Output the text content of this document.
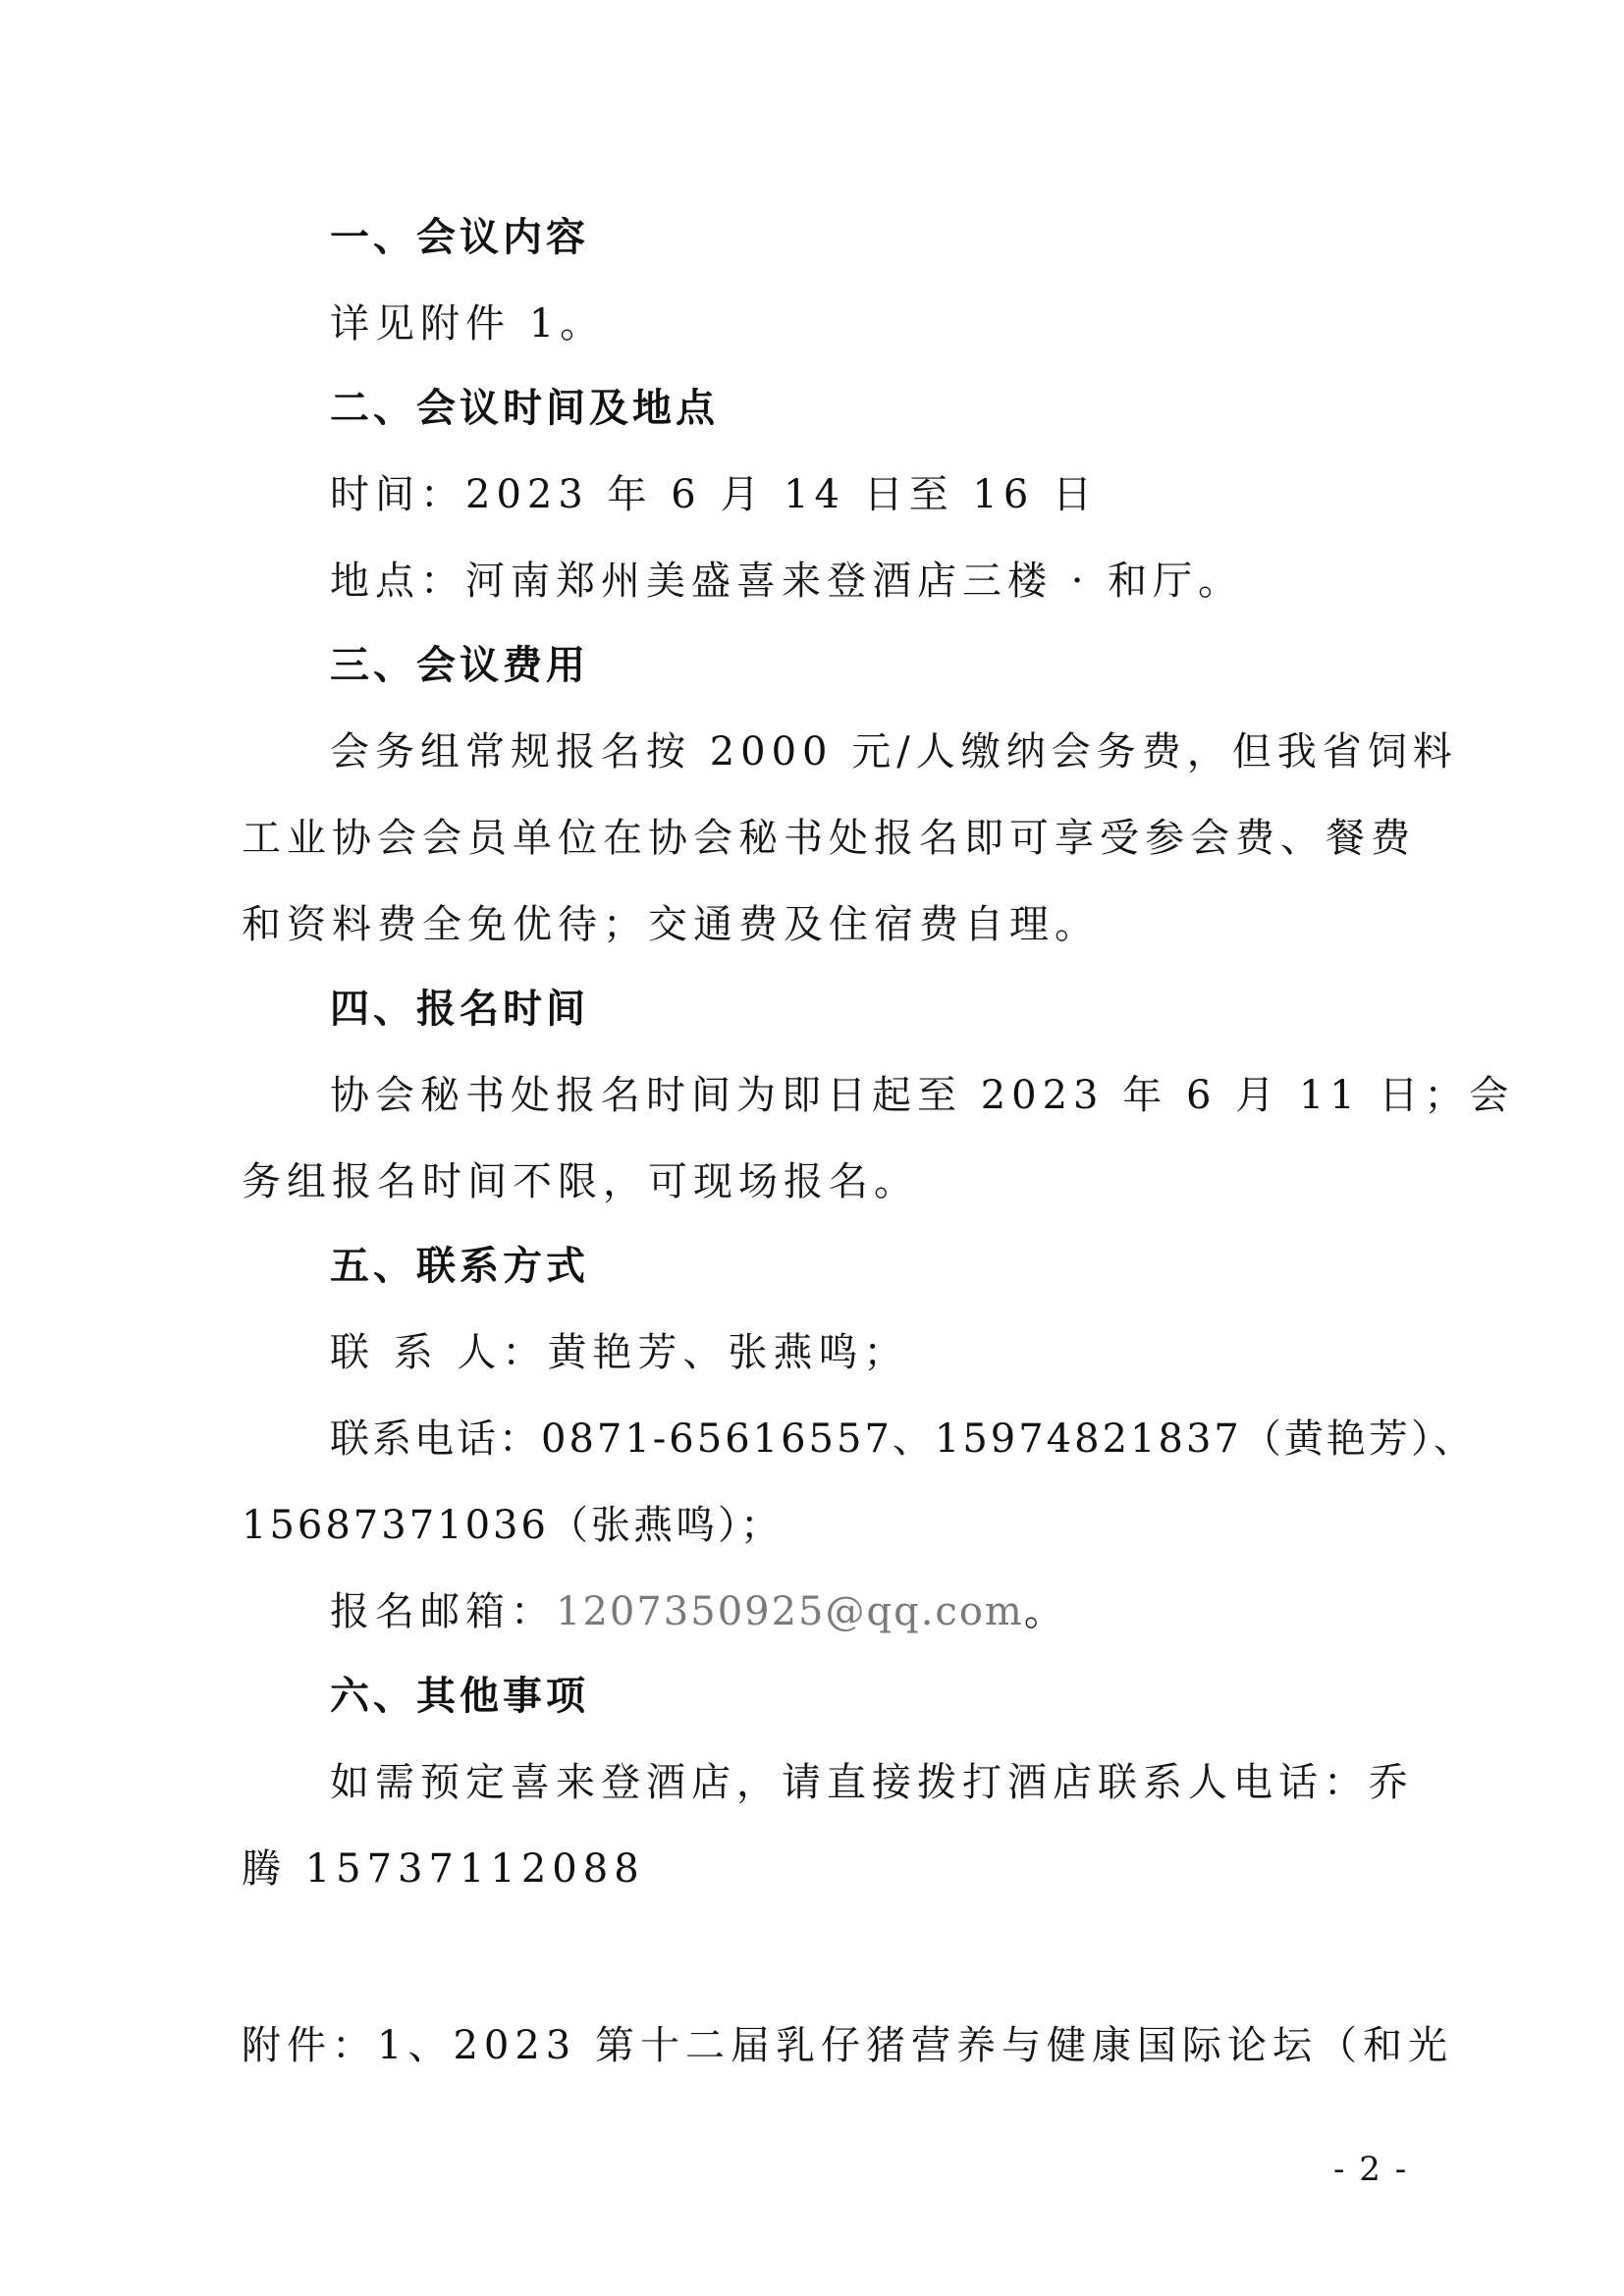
一、会议内容
详见附件 1。
二、会议时间及地点
时间：2023 年 6 月 14 日至 16 日
地点：河南郑州美盛喜来登酒店三楼 · 和厅。
三、会议费用
会务组常规报名按 2000 元/人缴纳会务费，但我省饲料
工业协会会员单位在协会秘书处报名即可享受参会费、餐费
和资料费全免优待；交通费及住宿费自理。
四、报名时间
协会秘书处报名时间为即日起至 2023 年 6 月 11 日；会
务组报名时间不限，可现场报名。
五、联系方式
联 系 人：黄艳芳、张燕鸣；
联系电话：0871-65616557、15974821837（黄艳芳）、
15687371036（张燕鸣）；
报名邮箱：1207350925@qq.com。
六、其他事项
如需预定喜来登酒店，请直接拨打酒店联系人电话：乔
腾 15737112088
附件：1、2023 第十二届乳仔猪营养与健康国际论坛（和光
- 2 -
